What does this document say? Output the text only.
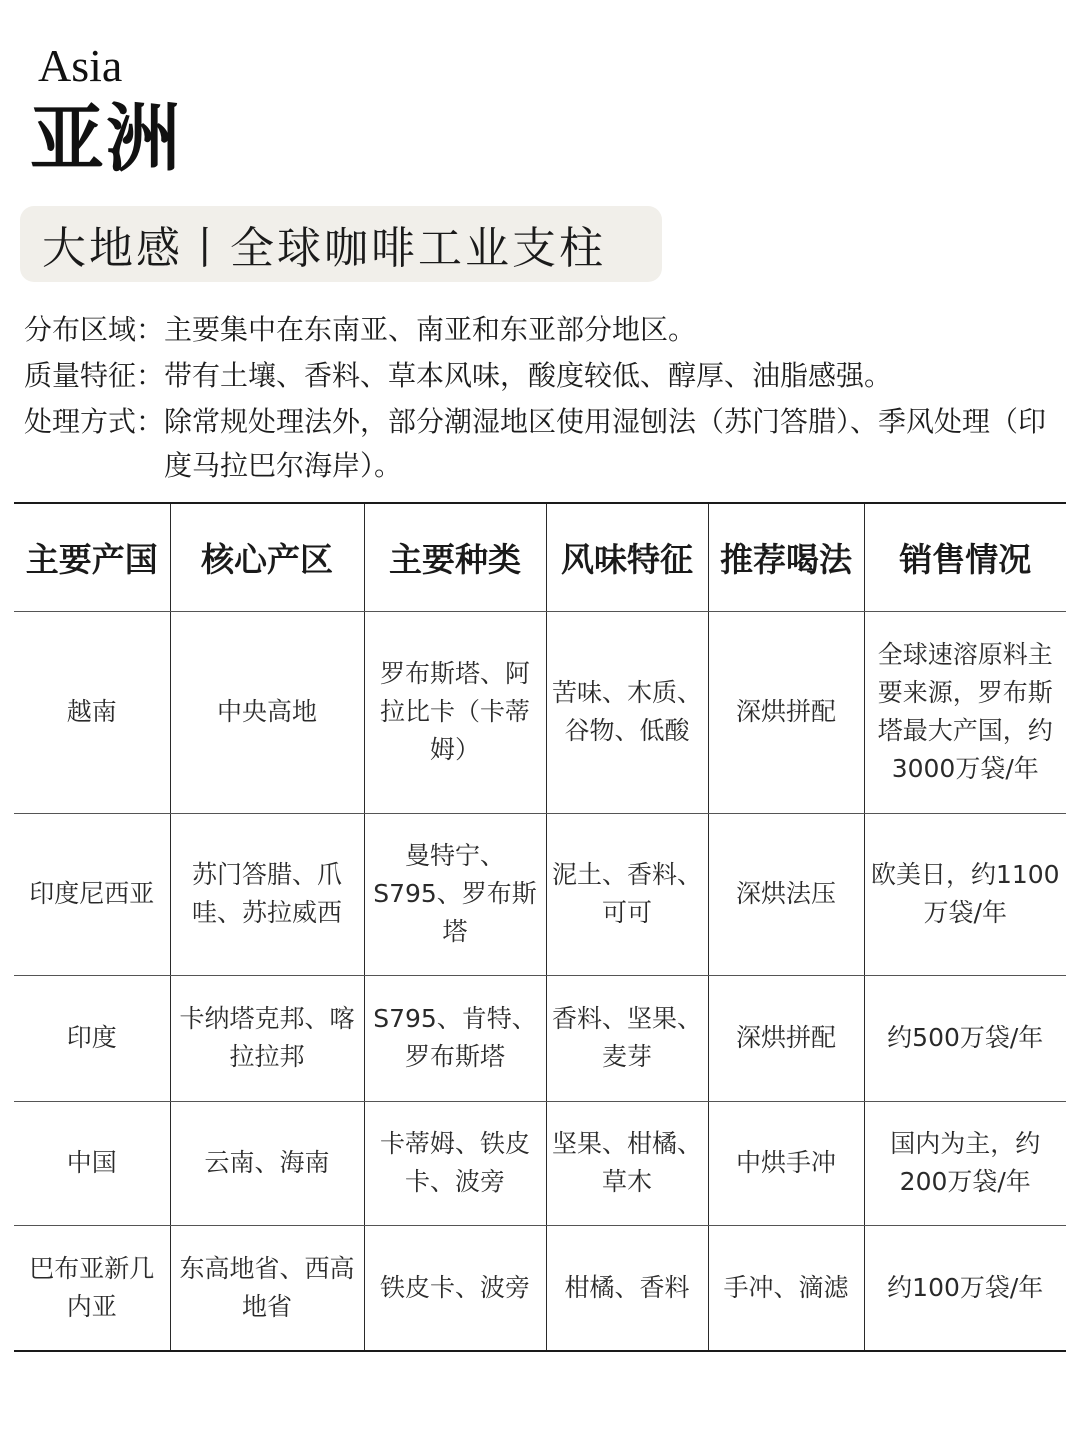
Asia
亚洲
大地感丨全球咖啡工业支柱
分布区域： 主要集中在东南亚、南亚和东亚部分地区。
质量特征： 带有土壤、香料、草本风味，酸度较低、醇厚、油脂感强。
处理方式： 除常规处理法外，部分潮湿地区使用湿刨法（苏门答腊）、季风处理（印度马拉巴尔海岸）。
主要产国	核心产区	主要种类	风味特征	推荐喝法	销售情况
越南	中央高地	罗布斯塔、阿拉比卡（卡蒂姆）	苦味、木质、谷物、低酸	深烘拼配	全球速溶原料主要来源，罗布斯塔最大产国，约3000万袋/年
印度尼西亚	苏门答腊、爪哇、苏拉威西	曼特宁、S795、罗布斯塔	泥土、香料、可可	深烘法压	欧美日，约1100万袋/年
印度	卡纳塔克邦、喀拉拉邦	S795、肯特、罗布斯塔	香料、坚果、麦芽	深烘拼配	约500万袋/年
中国	云南、海南	卡蒂姆、铁皮卡、波旁	坚果、柑橘、草木	中烘手冲	国内为主，约200万袋/年
巴布亚新几内亚	东高地省、西高地省	铁皮卡、波旁	柑橘、香料	手冲、滴滤	约100万袋/年
